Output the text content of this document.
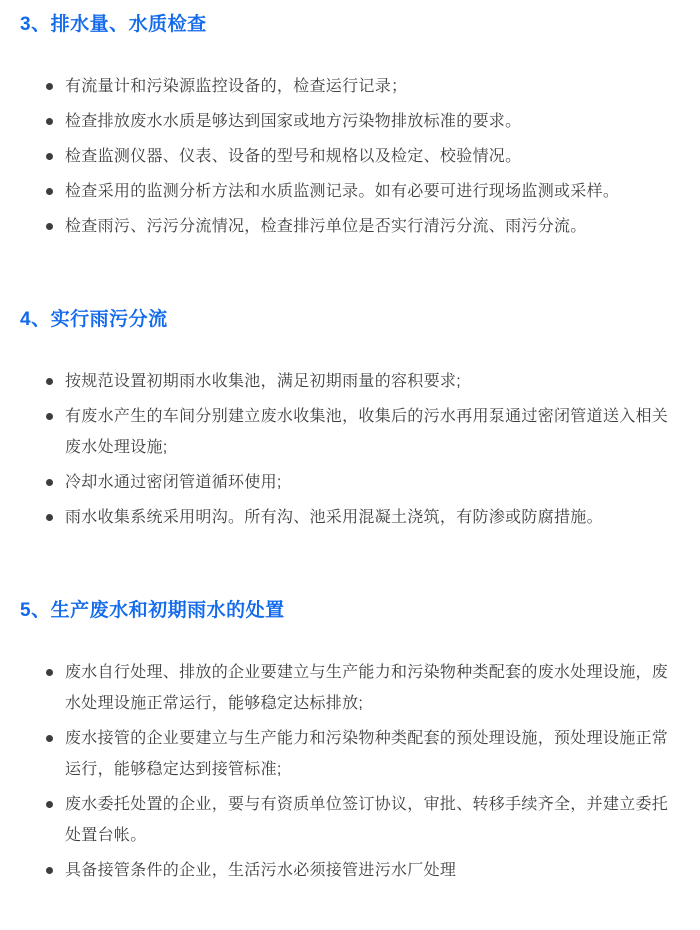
3、排水量、水质检查
有流量计和污染源监控设备的，检查运行记录；
检查排放废水水质是够达到国家或地方污染物排放标准的要求。
检查监测仪器、仪表、设备的型号和规格以及检定、校验情况。
检查采用的监测分析方法和水质监测记录。如有必要可进行现场监测或采样。
检查雨污、污污分流情况，检查排污单位是否实行清污分流、雨污分流。
4、实行雨污分流
按规范设置初期雨水收集池，满足初期雨量的容积要求;
有废水产生的车间分别建立废水收集池，收集后的污水再用泵通过密闭管道送入相关废水处理设施;
冷却水通过密闭管道循环使用;
雨水收集系统采用明沟。所有沟、池采用混凝土浇筑，有防渗或防腐措施。
5、生产废水和初期雨水的处置
废水自行处理、排放的企业要建立与生产能力和污染物种类配套的废水处理设施，废水处理设施正常运行，能够稳定达标排放;
废水接管的企业要建立与生产能力和污染物种类配套的预处理设施，预处理设施正常运行，能够稳定达到接管标准;
废水委托处置的企业，要与有资质单位签订协议，审批、转移手续齐全，并建立委托处置台帐。
具备接管条件的企业，生活污水必须接管进污水厂处理
